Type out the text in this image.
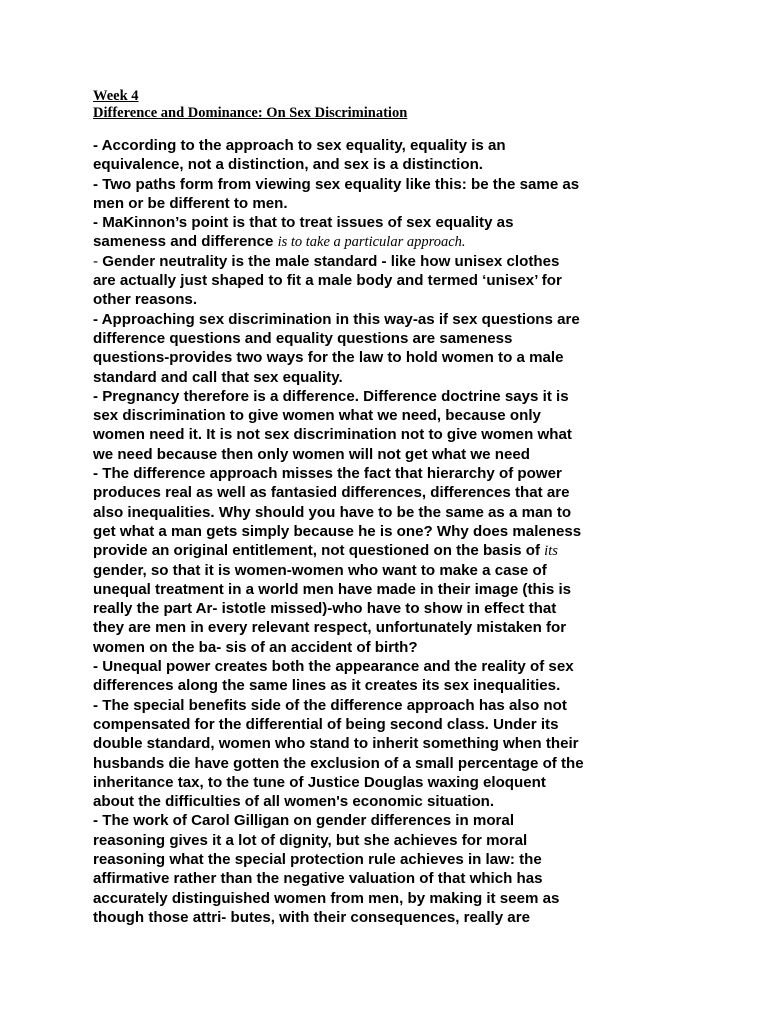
Week 4

Difference and Dominance: On Sex Discrimination

- According to the approach to sex equality, equality is an
equivalence, not a distinction, and sex is a distinction.
- Two paths form from viewing sex equality like this: be the same as
men or be different to men.
- MaKinnon’s point is that to treat issues of sex equality as
sameness and difference is to take a particular approach.
- Gender neutrality is the male standard - like how unisex clothes
are actually just shaped to fit a male body and termed ‘unisex’ for
other reasons.
- Approaching sex discrimination in this way-as if sex questions are
difference questions and equality questions are sameness
questions-provides two ways for the law to hold women to a male
standard and call that sex equality.
- Pregnancy therefore is a difference. Difference doctrine says it is
sex discrimination to give women what we need, because only
women need it. It is not sex discrimination not to give women what
we need because then only women will not get what we need
- The difference approach misses the fact that hierarchy of power
produces real as well as fantasied differences, differences that are
also inequalities. Why should you have to be the same as a man to
get what a man gets simply because he is one? Why does maleness
provide an original entitlement, not questioned on the basis of its
gender, so that it is women-women who want to make a case of
unequal treatment in a world men have made in their image (this is
really the part Ar- istotle missed)-who have to show in effect that
they are men in every relevant respect, unfortunately mistaken for
women on the ba- sis of an accident of birth?
- Unequal power creates both the appearance and the reality of sex
differences along the same lines as it creates its sex inequalities.
- The special benefits side of the difference approach has also not
compensated for the differential of being second class. Under its
double standard, women who stand to inherit something when their
husbands die have gotten the exclusion of a small percentage of the
inheritance tax, to the tune of Justice Douglas waxing eloquent
about the difficulties of all women's economic situation.
- The work of Carol Gilligan on gender differences in moral
reasoning gives it a lot of dignity, but she achieves for moral
reasoning what the special protection rule achieves in law: the
affirmative rather than the negative valuation of that which has
accurately distinguished women from men, by making it seem as
though those attri- butes, with their consequences, really are
